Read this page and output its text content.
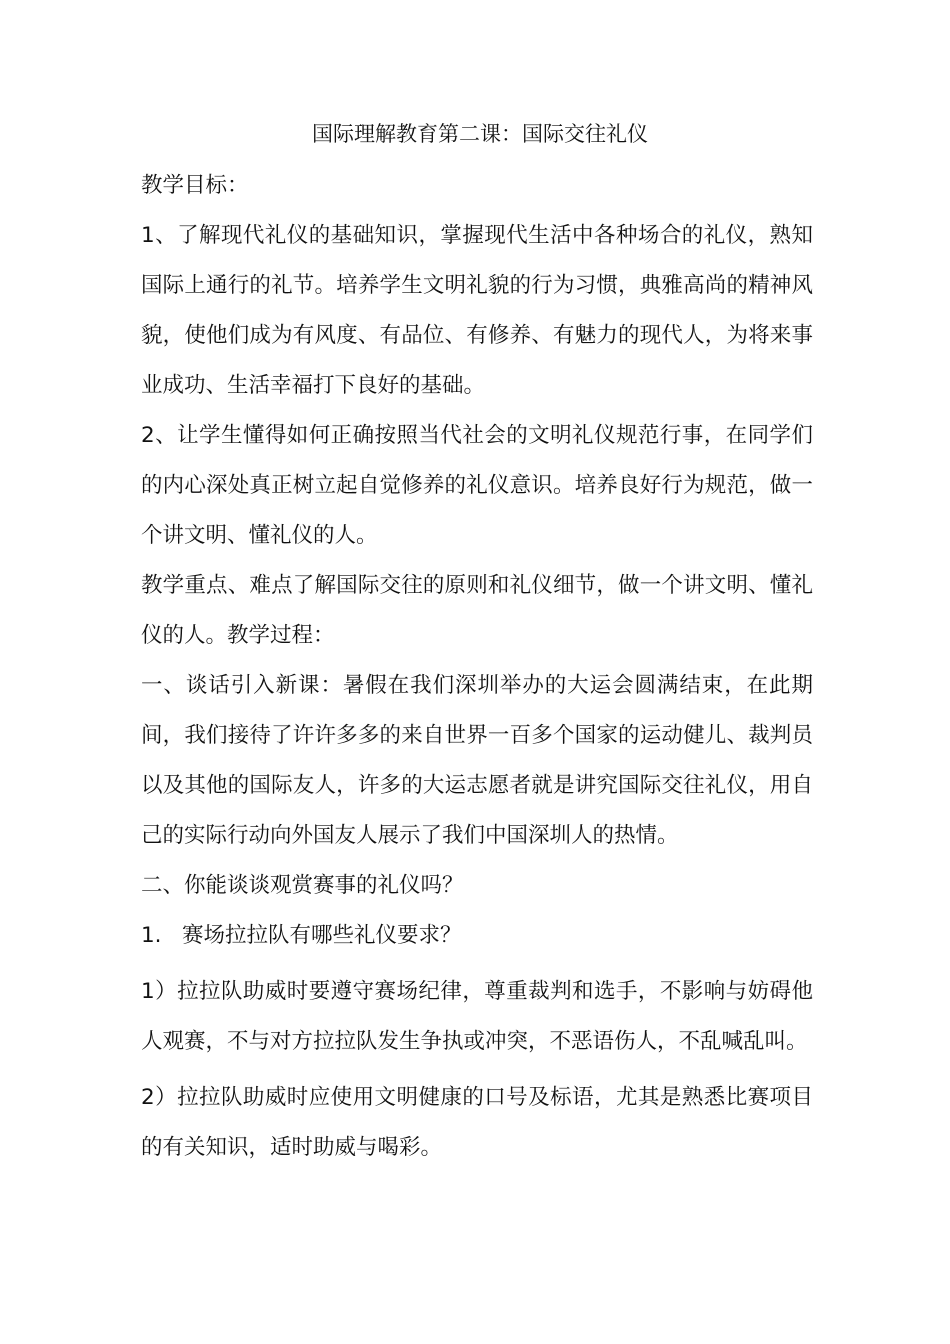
国际理解教育第二课：国际交往礼仪

教学目标：

1、了解现代礼仪的基础知识，掌握现代生活中各种场合的礼仪，熟知国际上通行的礼节。培养学生文明礼貌的行为习惯，典雅高尚的精神风貌，使他们成为有风度、有品位、有修养、有魅力的现代人，为将来事业成功、生活幸福打下良好的基础。

2、让学生懂得如何正确按照当代社会的文明礼仪规范行事，在同学们的内心深处真正树立起自觉修养的礼仪意识。培养良好行为规范，做一个讲文明、懂礼仪的人。

教学重点、难点了解国际交往的原则和礼仪细节，做一个讲文明、懂礼仪的人。教学过程：

一、谈话引入新课：暑假在我们深圳举办的大运会圆满结束，在此期间，我们接待了许许多多的来自世界一百多个国家的运动健儿、裁判员以及其他的国际友人，许多的大运志愿者就是讲究国际交往礼仪，用自己的实际行动向外国友人展示了我们中国深圳人的热情。

二、你能谈谈观赏赛事的礼仪吗？

1.   赛场拉拉队有哪些礼仪要求？

1）拉拉队助威时要遵守赛场纪律，尊重裁判和选手，不影响与妨碍他人观赛，不与对方拉拉队发生争执或冲突，不恶语伤人，不乱喊乱叫。

2）拉拉队助威时应使用文明健康的口号及标语，尤其是熟悉比赛项目的有关知识，适时助威与喝彩。
